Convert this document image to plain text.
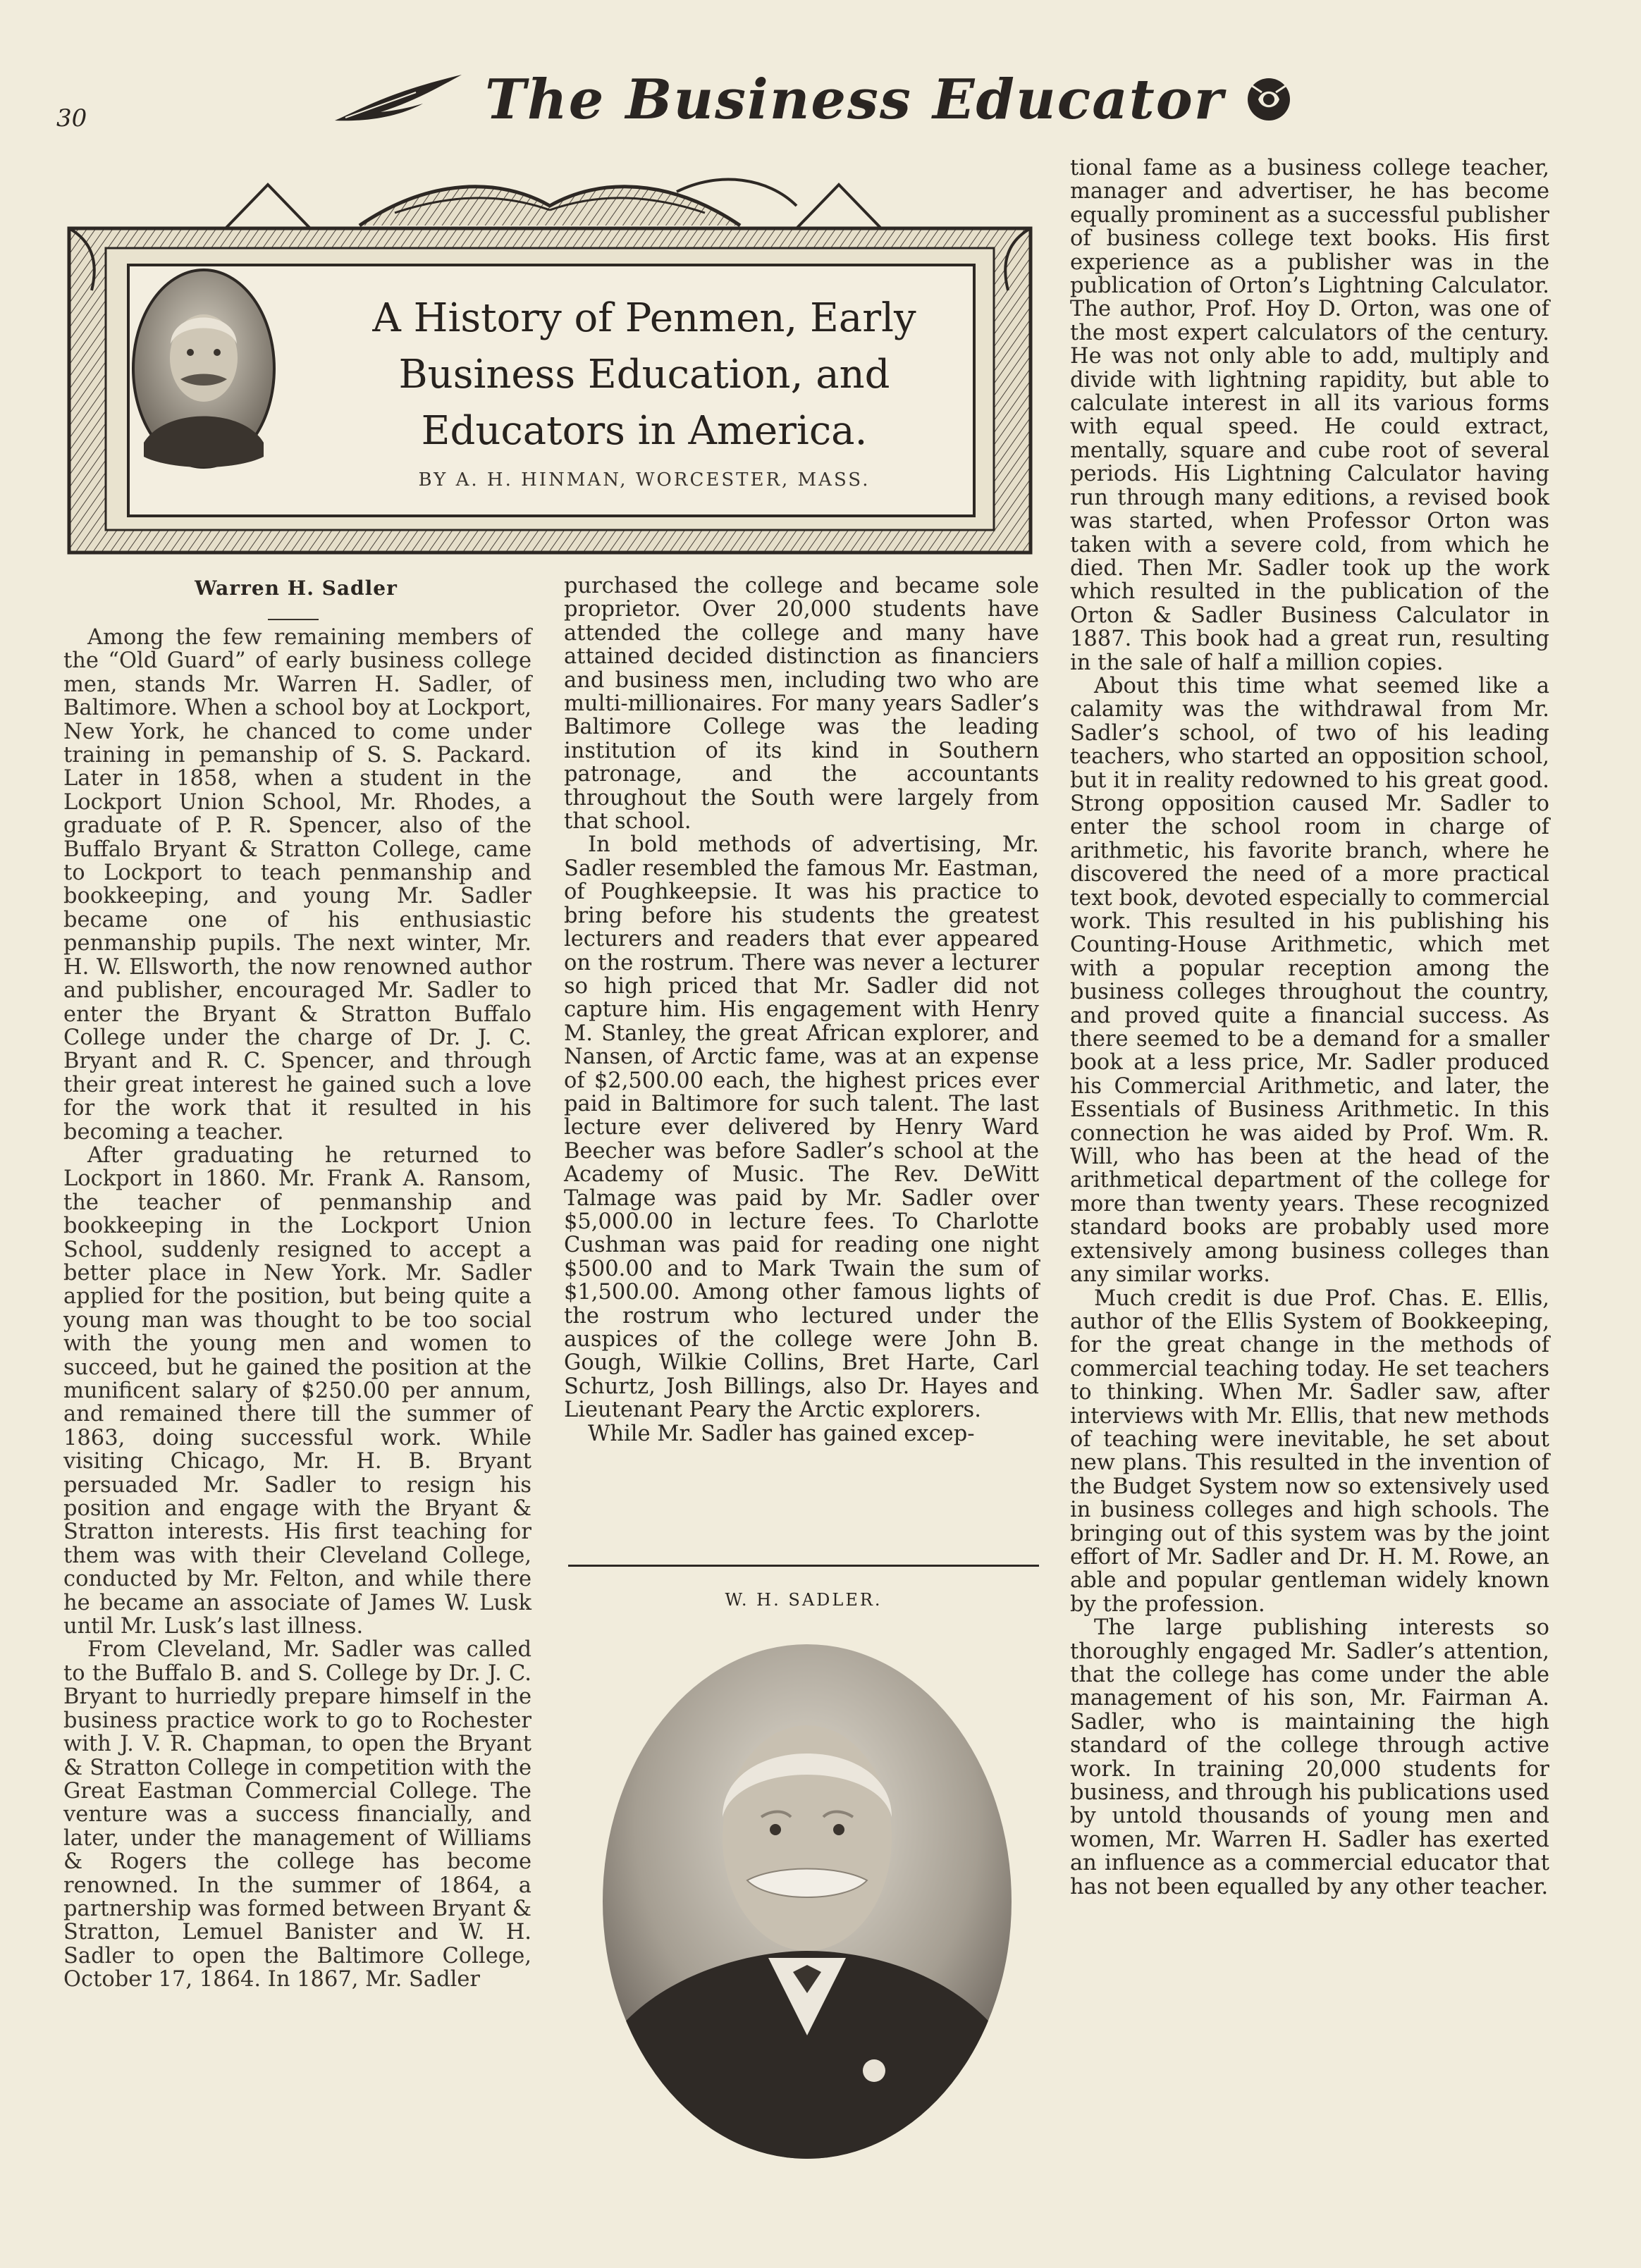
30	The Business Educator
A History of Penmen, Early
Business Education, and
Educators in America.
BY A. H. HINMAN, WORCESTER, MASS.
Warren H. Sadler

Among the few remaining members of the “Old Guard” of early business college men, stands Mr. Warren H. Sadler, of Baltimore. When a school boy at Lockport, New York, he chanced to come under training in pemanship of S. S. Packard. Later in 1858, when a student in the Lockport Union School, Mr. Rhodes, a graduate of P. R. Spencer, also of the Buffalo Bryant & Stratton College, came to Lockport to teach penmanship and bookkeeping, and young Mr. Sadler became one of his enthusiastic penmanship pupils. The next winter, Mr. H. W. Ellsworth, the now renowned author and publisher, encouraged Mr. Sadler to enter the Bryant & Stratton Buffalo College under the charge of Dr. J. C. Bryant and R. C. Spencer, and through their great interest he gained such a love for the work that it resulted in his becoming a teacher.

After graduating he returned to Lockport in 1860. Mr. Frank A. Ransom, the teacher of penmanship and bookkeeping in the Lockport Union School, suddenly resigned to accept a better place in New York. Mr. Sadler applied for the position, but being quite a young man was thought to be too social with the young men and women to succeed, but he gained the position at the munificent salary of $250.00 per annum, and remained there till the summer of 1863, doing successful work. While visiting Chicago, Mr. H. B. Bryant persuaded Mr. Sadler to resign his position and engage with the Bryant & Stratton interests. His first teaching for them was with their Cleveland College, conducted by Mr. Felton, and while there he became an associate of James W. Lusk until Mr. Lusk’s last illness.

From Cleveland, Mr. Sadler was called to the Buffalo B. and S. College by Dr. J. C. Bryant to hurriedly prepare himself in the business practice work to go to Rochester with J. V. R. Chapman, to open the Bryant & Stratton College in competition with the Great Eastman Commercial College. The venture was a success financially, and later, under the management of Williams & Rogers the college has become renowned. In the summer of 1864, a partnership was formed between Bryant & Stratton, Lemuel Banister and W. H. Sadler to open the Baltimore College, October 17, 1864. In 1867, Mr. Sadler

purchased the college and became sole proprietor. Over 20,000 students have attended the college and many have attained decided distinction as financiers and business men, including two who are multi-millionaires. For many years Sadler’s Baltimore College was the leading institution of its kind in Southern patronage, and the accountants throughout the South were largely from that school.

In bold methods of advertising, Mr. Sadler resembled the famous Mr. Eastman, of Poughkeepsie. It was his practice to bring before his students the greatest lecturers and readers that ever appeared on the rostrum. There was never a lecturer so high priced that Mr. Sadler did not capture him. His engagement with Henry M. Stanley, the great African explorer, and Nansen, of Arctic fame, was at an expense of $2,500.00 each, the highest prices ever paid in Baltimore for such talent. The last lecture ever delivered by Henry Ward Beecher was before Sadler’s school at the Academy of Music. The Rev. DeWitt Talmage was paid by Mr. Sadler over $5,000.00 in lecture fees. To Charlotte Cushman was paid for reading one night $500.00 and to Mark Twain the sum of $1,500.00. Among other famous lights of the rostrum who lectured under the auspices of the college were John B. Gough, Wilkie Collins, Bret Harte, Carl Schurtz, Josh Billings, also Dr. Hayes and Lieutenant Peary the Arctic explorers.

While Mr. Sadler has gained excep-

W. H. SADLER.

tional fame as a business college teacher, manager and advertiser, he has become equally prominent as a successful publisher of business college text books. His first experience as a publisher was in the publication of Orton’s Lightning Calculator. The author, Prof. Hoy D. Orton, was one of the most expert calculators of the century. He was not only able to add, multiply and divide with lightning rapidity, but able to calculate interest in all its various forms with equal speed. He could extract, mentally, square and cube root of several periods. His Lightning Calculator having run through many editions, a revised book was started, when Professor Orton was taken with a severe cold, from which he died. Then Mr. Sadler took up the work which resulted in the publication of the Orton & Sadler Business Calculator in 1887. This book had a great run, resulting in the sale of half a million copies.

About this time what seemed like a calamity was the withdrawal from Mr. Sadler’s school, of two of his leading teachers, who started an opposition school, but it in reality redowned to his great good. Strong opposition caused Mr. Sadler to enter the school room in charge of arithmetic, his favorite branch, where he discovered the need of a more practical text book, devoted especially to commercial work. This resulted in his publishing his Counting-House Arithmetic, which met with a popular reception among the business colleges throughout the country, and proved quite a financial success. As there seemed to be a demand for a smaller book at a less price, Mr. Sadler produced his Commercial Arithmetic, and later, the Essentials of Business Arithmetic. In this connection he was aided by Prof. Wm. R. Will, who has been at the head of the arithmetical department of the college for more than twenty years. These recognized standard books are probably used more extensively among business colleges than any similar works.

Much credit is due Prof. Chas. E. Ellis, author of the Ellis System of Bookkeeping, for the great change in the methods of commercial teaching today. He set teachers to thinking. When Mr. Sadler saw, after interviews with Mr. Ellis, that new methods of teaching were inevitable, he set about new plans. This resulted in the invention of the Budget System now so extensively used in business colleges and high schools. The bringing out of this system was by the joint effort of Mr. Sadler and Dr. H. M. Rowe, an able and popular gentleman widely known by the profession.

The large publishing interests so thoroughly engaged Mr. Sadler’s attention, that the college has come under the able management of his son, Mr. Fairman A. Sadler, who is maintaining the high standard of the college through active work. In training 20,000 students for business, and through his publications used by untold thousands of young men and women, Mr. Warren H. Sadler has exerted an influence as a commercial educator that has not been equalled by any other teacher.
